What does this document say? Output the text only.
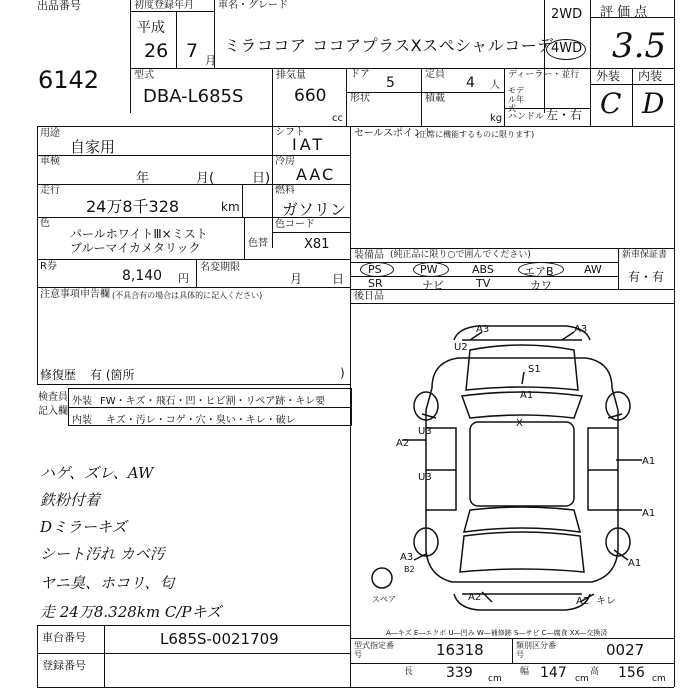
出品番号
6142
初度登録年月
平成
26 7 月
車名・グレード
ミラココア ココアプラスXスペシャルコーデ
2WD
4WD
評 価 点
3.5
外装 内装
C D
型式
DBA-L685S
排気量
660
cc
ドア
5
定員
4 人
形状	積載
kg
ディーラー・並行
モデル年式
ハンドル 左・右
用途
自家用
シフト
IAT
車検
年	月(	日)
冷房
AAC
走行
24万8千328	km
燃料
ガソリン
色
パールホワイトⅢ×ミスト
ブルーマイカメタリック	色替
色コード
X81
R券
8,140 円
名変期限
月 日
注意事項申告欄 (不具合有の場合は具体的に記入ください)
修復歴 有 (箇所	)
検査員記入欄
外装 FW・キズ・飛石・凹・ヒビ割・リペア跡・キレ要
内装 キズ・汚レ・コゲ・穴・臭い・キレ・破レ
ハゲ、ズレ、AW
鉄粉付着
Dミラーキズ
シート汚れ カベ汚
ヤニ臭、ホコリ、匂
走 24万8.328km C/Pキズ
セールスポイント
(正常に機能するものに限ります)
装備品 (純正品に限り○で囲んでください)	新車保証書
有・有
PS	PW	ABS	エアB	AW
SR	ナビ	TV	カワ
後日品
A3
U2
A3
S1
A1
X
U3
A2
A1
U3
A1
A3
B2
A1
A2	A2 キレ
スペア
A―キズ E―エクボ U―凹み W―補修跡 S―サビ C―腐食 XX―交換済
車台番号	L685S-0021709
登録番号
型式指定番号	16318	類別区分番号	0027
長 339 cm
幅 147 cm
高 156 cm
